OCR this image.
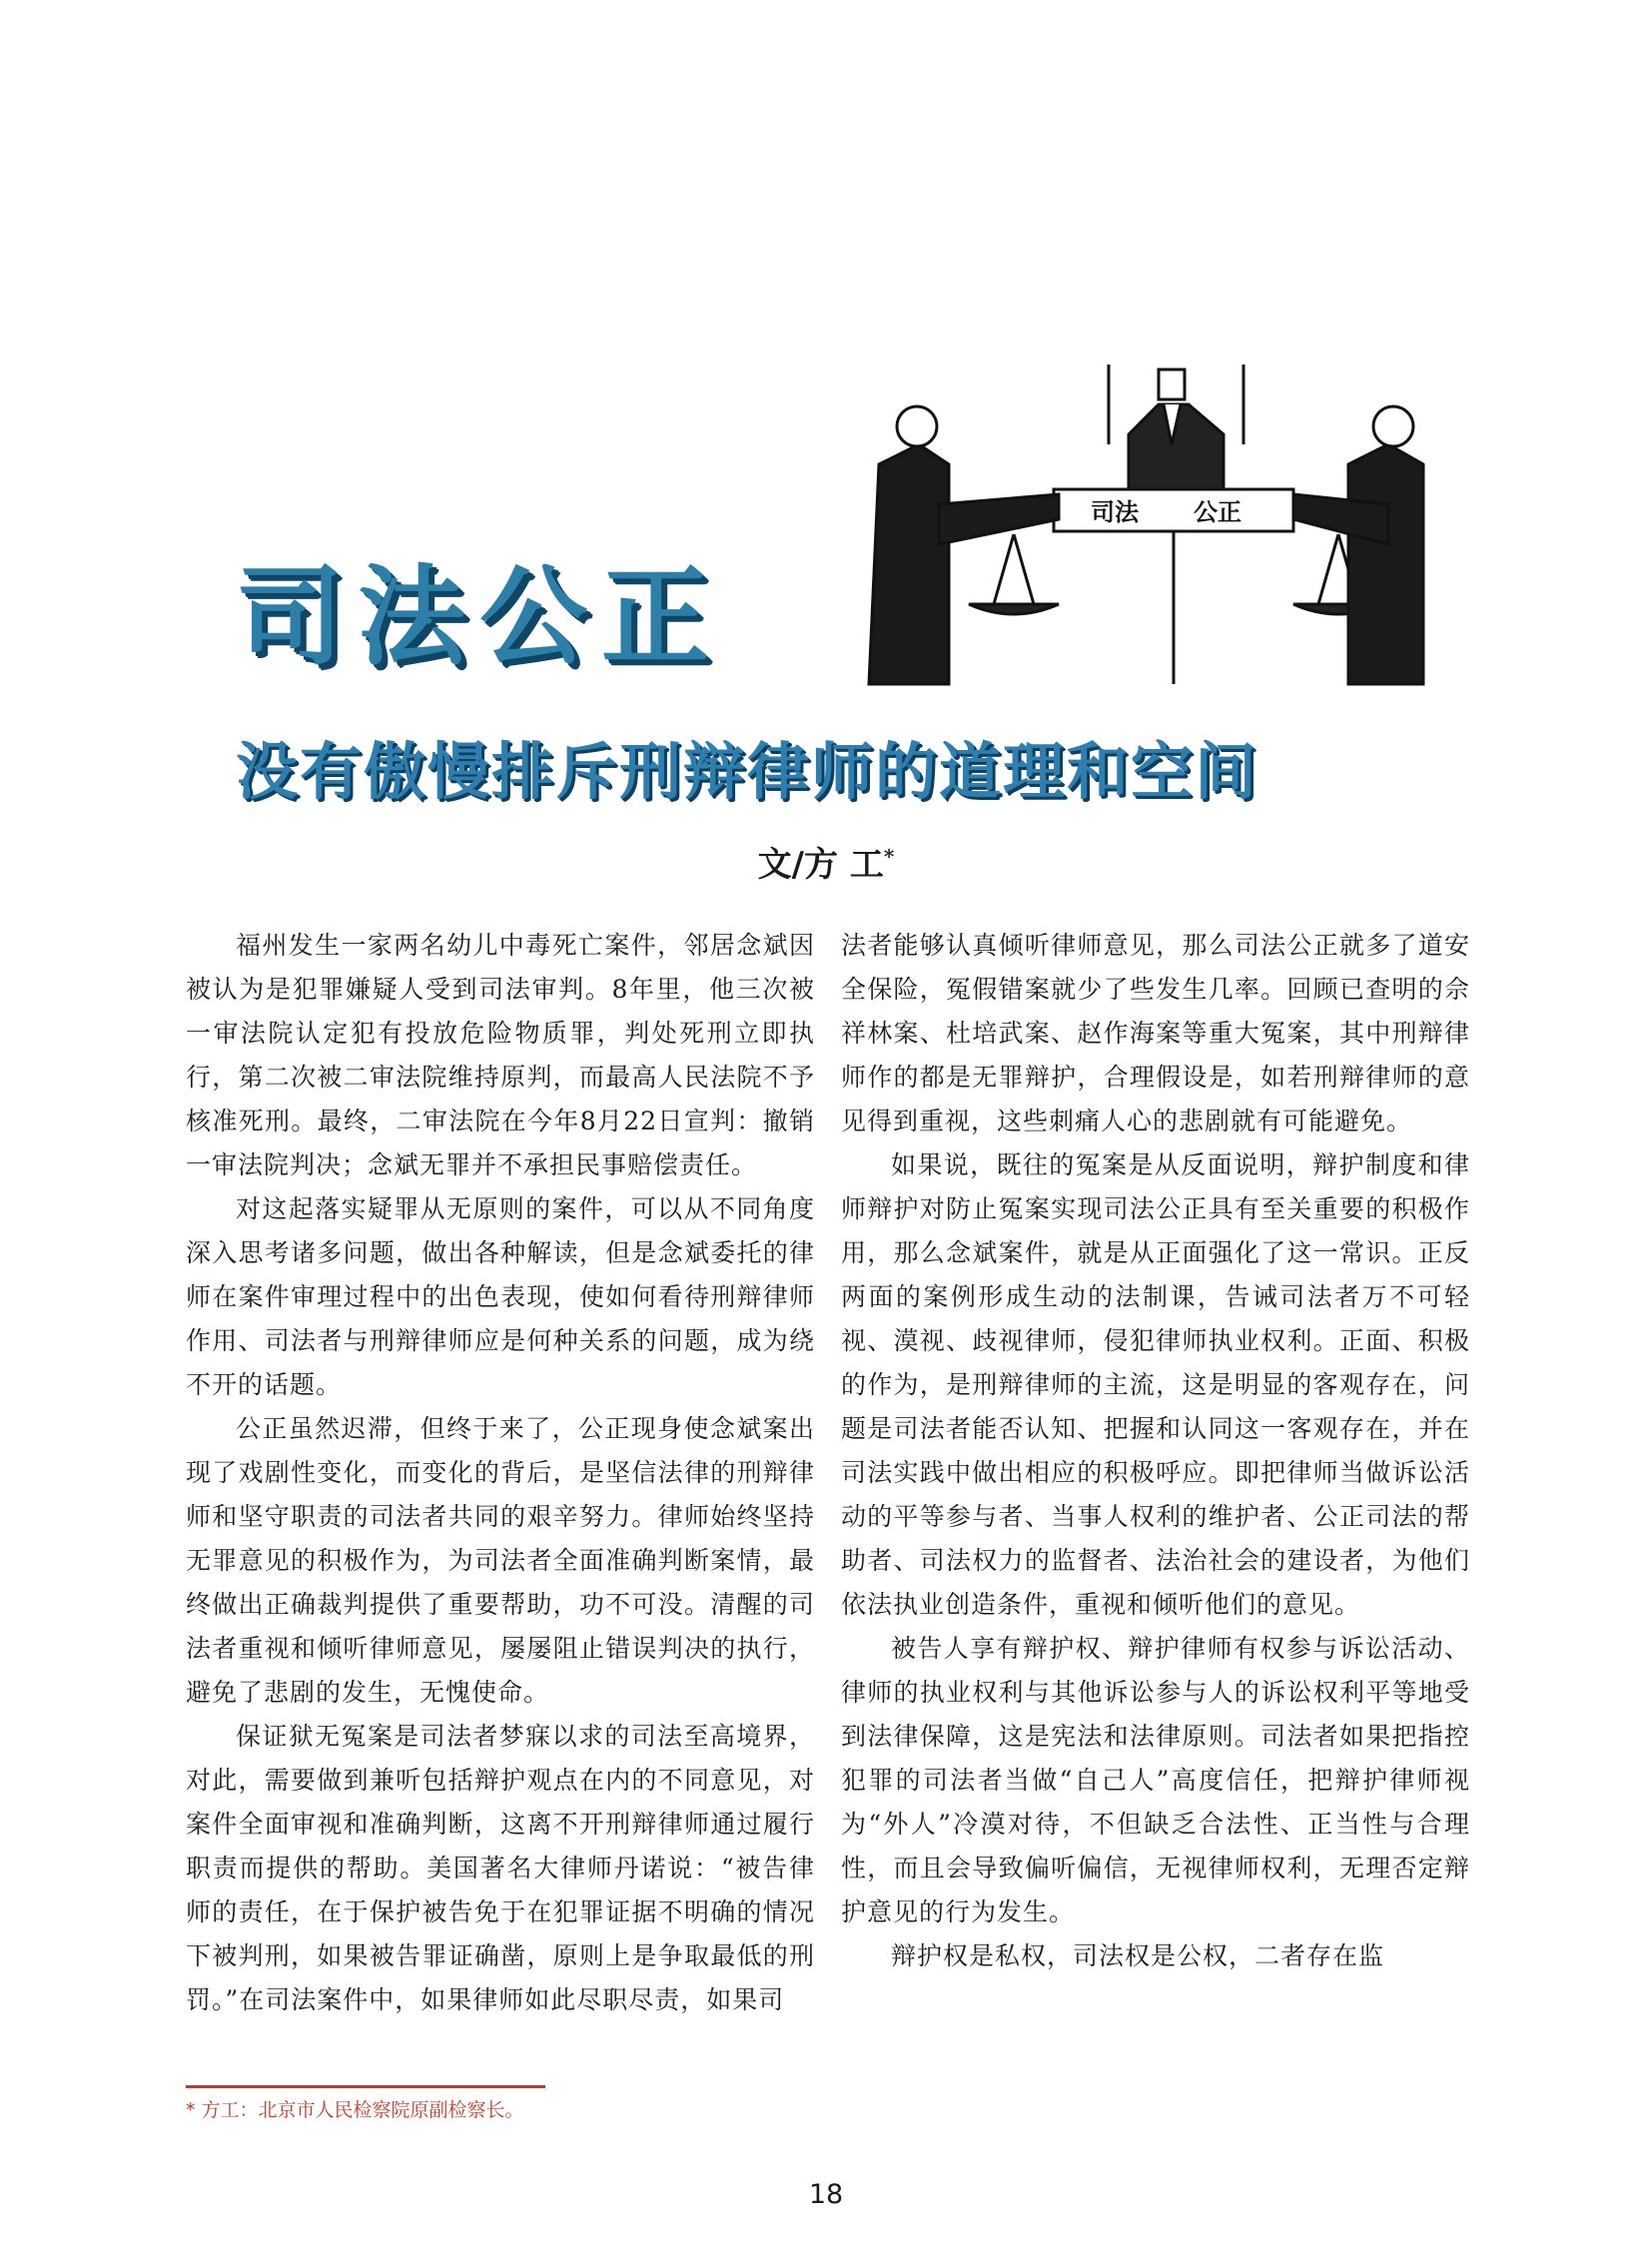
司法 公正
司法公正
没有傲慢排斥刑辩律师的道理和空间
文/方 工*

福州发生一家两名幼儿中毒死亡案件，邻居念斌因被认为是犯罪嫌疑人受到司法审判。8年里，他三次被一审法院认定犯有投放危险物质罪，判处死刑立即执行，第二次被二审法院维持原判，而最高人民法院不予核准死刑。最终，二审法院在今年8月22日宣判：撤销一审法院判决；念斌无罪并不承担民事赔偿责任。

对这起落实疑罪从无原则的案件，可以从不同角度深入思考诸多问题，做出各种解读，但是念斌委托的律师在案件审理过程中的出色表现，使如何看待刑辩律师作用、司法者与刑辩律师应是何种关系的问题，成为绕不开的话题。

公正虽然迟滞，但终于来了，公正现身使念斌案出现了戏剧性变化，而变化的背后，是坚信法律的刑辩律师和坚守职责的司法者共同的艰辛努力。律师始终坚持无罪意见的积极作为，为司法者全面准确判断案情，最终做出正确裁判提供了重要帮助，功不可没。清醒的司法者重视和倾听律师意见，屡屡阻止错误判决的执行，避免了悲剧的发生，无愧使命。

保证狱无冤案是司法者梦寐以求的司法至高境界，对此，需要做到兼听包括辩护观点在内的不同意见，对案件全面审视和准确判断，这离不开刑辩律师通过履行职责而提供的帮助。美国著名大律师丹诺说：“被告律师的责任，在于保护被告免于在犯罪证据不明确的情况下被判刑，如果被告罪证确凿，原则上是争取最低的刑罚。”在司法案件中，如果律师如此尽职尽责，如果司

法者能够认真倾听律师意见，那么司法公正就多了道安全保险，冤假错案就少了些发生几率。回顾已查明的佘祥林案、杜培武案、赵作海案等重大冤案，其中刑辩律师作的都是无罪辩护，合理假设是，如若刑辩律师的意见得到重视，这些刺痛人心的悲剧就有可能避免。

如果说，既往的冤案是从反面说明，辩护制度和律师辩护对防止冤案实现司法公正具有至关重要的积极作用，那么念斌案件，就是从正面强化了这一常识。正反两面的案例形成生动的法制课，告诫司法者万不可轻视、漠视、歧视律师，侵犯律师执业权利。正面、积极的作为，是刑辩律师的主流，这是明显的客观存在，问题是司法者能否认知、把握和认同这一客观存在，并在司法实践中做出相应的积极呼应。即把律师当做诉讼活动的平等参与者、当事人权利的维护者、公正司法的帮助者、司法权力的监督者、法治社会的建设者，为他们依法执业创造条件，重视和倾听他们的意见。

被告人享有辩护权、辩护律师有权参与诉讼活动、律师的执业权利与其他诉讼参与人的诉讼权利平等地受到法律保障，这是宪法和法律原则。司法者如果把指控犯罪的司法者当做“自己人”高度信任，把辩护律师视为“外人”冷漠对待，不但缺乏合法性、正当性与合理性，而且会导致偏听偏信，无视律师权利，无理否定辩护意见的行为发生。

辩护权是私权，司法权是公权，二者存在监

* 方工：北京市人民检察院原副检察长。
18
